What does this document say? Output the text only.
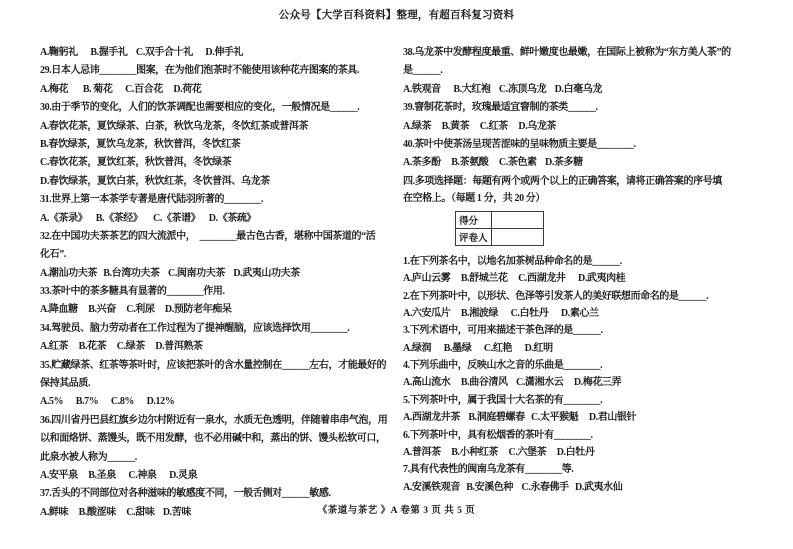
公众号【大学百科资料】整理，有超百科复习资料
A.鞠躬礼      B.握手礼    C.双手合十礼      D.伸手礼
29.日本人忌讳________图案，在为他们泡茶时不能使用该种花卉图案的茶具.
A.梅花       B. 菊花      C.百合花     D.荷花
30.由于季节的变化，人们的饮茶调配也需要相应的变化，一般情况是______.
A.春饮花茶，夏饮绿茶、白茶，秋饮乌龙茶，冬饮红茶或普洱茶
B.春饮绿茶，夏饮乌龙茶，秋饮普洱，冬饮红茶
C.春饮花茶，夏饮红茶，秋饮普洱，冬饮绿茶
D.春饮绿茶，夏饮白茶，秋饮红茶，冬饮普洱、乌龙茶
31.世界上第一本茶学专著是唐代陆羽所著的________.
A.《茶录》    B.《茶经》     C.《茶谱》    D.《茶疏》
32.在中国功夫茶茶艺的四大流派中，  ________最古色古香，堪称中国茶道的“活
化石”.
A.潮汕功夫茶   B.台湾功夫茶    C.闽南功夫茶    D.武夷山功夫茶
33.茶叶中的茶多糖具有显著的________作用.
A.降血糖     B.兴奋     C.利尿     D.预防老年痴呆
34.驾驶员、脑力劳动者在工作过程为了提神醒脑，应该选择饮用________.
A.红茶     B.花茶     C.绿茶     D.普洱熟茶
35.贮藏绿茶、红茶等茶叶时，应该把茶叶的含水量控制在______左右，才能最好的
保持其品质.
A.5%      B.7%      C.8%      D.12%
36.四川省丹巴县红旗乡边尔村附近有一泉水，水质无色透明，伴随着串串气泡，用
以和面烙饼、蒸馒头，既不用发酵，也不必用碱中和，蒸出的饼、馒头松软可口，
此泉水被人称为______.
A.安平泉     B.圣泉      C.神泉      D.灵泉
37.舌头的不同部位对各种滋味的敏感度不同，一般舌侧对______敏感.
A.鲜味     B.酸涩味     C.甜味    D.苦味
38.乌龙茶中发酵程度最重、鲜叶嫩度也最嫩，在国际上被称为“东方美人茶”的
是______.
A.铁观音      B.大红袍    C.冻顶乌龙    D.白毫乌龙
39.窨制花茶时，玫瑰最适宜窨制的茶类______.
A.绿茶     B.黄茶     C.红茶     D.乌龙茶
40.茶叶中使茶汤呈现苦涩味的呈味物质主要是________.
A.茶多酚     B.茶氨酸     C.茶色素    D.茶多糖
四.多项选择题：每题有两个或两个以上的正确答案，请将正确答案的序号填
在空格上。（每题 1 分，共 20 分）
得分	
评卷人	
1.在下列茶名中，以地名加茶树品种命名的是______.
A.庐山云雾     B.舒城兰花     C.西湖龙井      D.武夷肉桂
2.在下列茶叶中，以形状、色泽等引发茶人的美好联想而命名的是______.
A.六安瓜片     B.湘波绿      C.白牡丹      D.素心兰
3.下列术语中，可用来描述干茶色泽的是______.
A.绿润      B.墨绿      C.红艳      D.红明
4.下列乐曲中，反映山水之音的乐曲是________.
A.高山流水     B.曲谷清风    C.潇湘水云     D.梅花三弄
5.下列茶叶中，属于我国十大名茶的有________.
A.西湖龙井茶    B.洞庭碧螺春   C.太平猴魁     D.君山银针
6.下列茶叶中，具有松烟香的茶叶有________.
A.普洱茶     B.小种红茶     C.六堡茶     D.白牡丹
7.具有代表性的闽南乌龙茶有________等.
A.安溪铁观音   B.安溪色种    C.永春佛手   D.武夷水仙
《茶道与茶艺 》A 卷第 3 页 共 5 页
